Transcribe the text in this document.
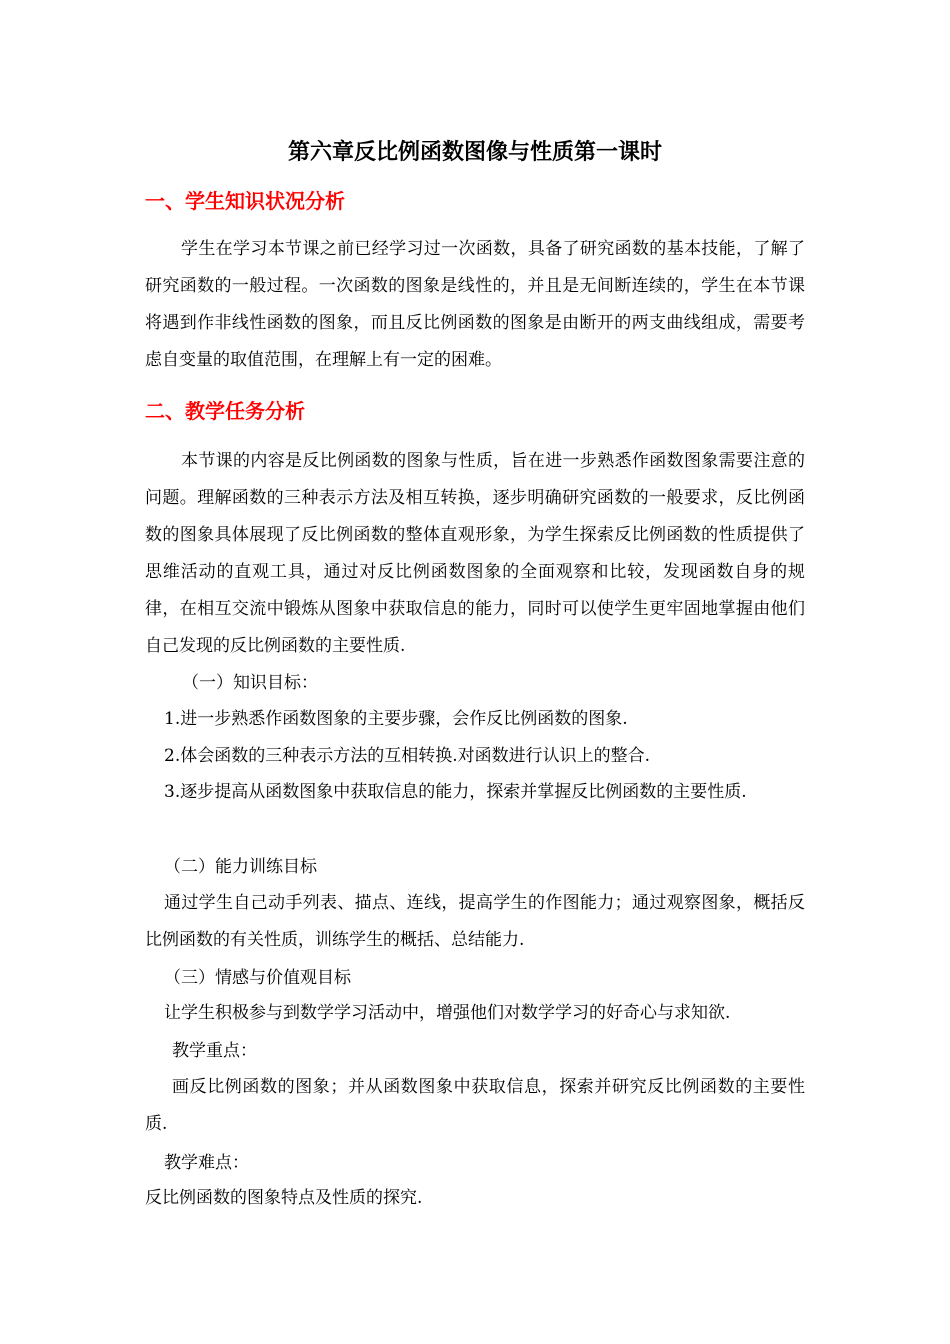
第六章反比例函数图像与性质第一课时
一、学生知识状况分析
学生在学习本节课之前已经学习过一次函数，具备了研究函数的基本技能，了解了研究函数的一般过程。一次函数的图象是线性的，并且是无间断连续的，学生在本节课将遇到作非线性函数的图象，而且反比例函数的图象是由断开的两支曲线组成，需要考虑自变量的取值范围，在理解上有一定的困难。
二、教学任务分析
本节课的内容是反比例函数的图象与性质，旨在进一步熟悉作函数图象需要注意的问题。理解函数的三种表示方法及相互转换，逐步明确研究函数的一般要求，反比例函数的图象具体展现了反比例函数的整体直观形象，为学生探索反比例函数的性质提供了思维活动的直观工具，通过对反比例函数图象的全面观察和比较，发现函数自身的规律，在相互交流中锻炼从图象中获取信息的能力，同时可以使学生更牢固地掌握由他们自己发现的反比例函数的主要性质.
（一）知识目标：
1.进一步熟悉作函数图象的主要步骤，会作反比例函数的图象.
2.体会函数的三种表示方法的互相转换.对函数进行认识上的整合.
3.逐步提高从函数图象中获取信息的能力，探索并掌握反比例函数的主要性质.
（二）能力训练目标
通过学生自己动手列表、描点、连线，提高学生的作图能力；通过观察图象，概括反比例函数的有关性质，训练学生的概括、总结能力.
（三）情感与价值观目标
让学生积极参与到数学学习活动中，增强他们对数学学习的好奇心与求知欲.
教学重点：
画反比例函数的图象；并从函数图象中获取信息，探索并研究反比例函数的主要性质.
教学难点：
反比例函数的图象特点及性质的探究.
